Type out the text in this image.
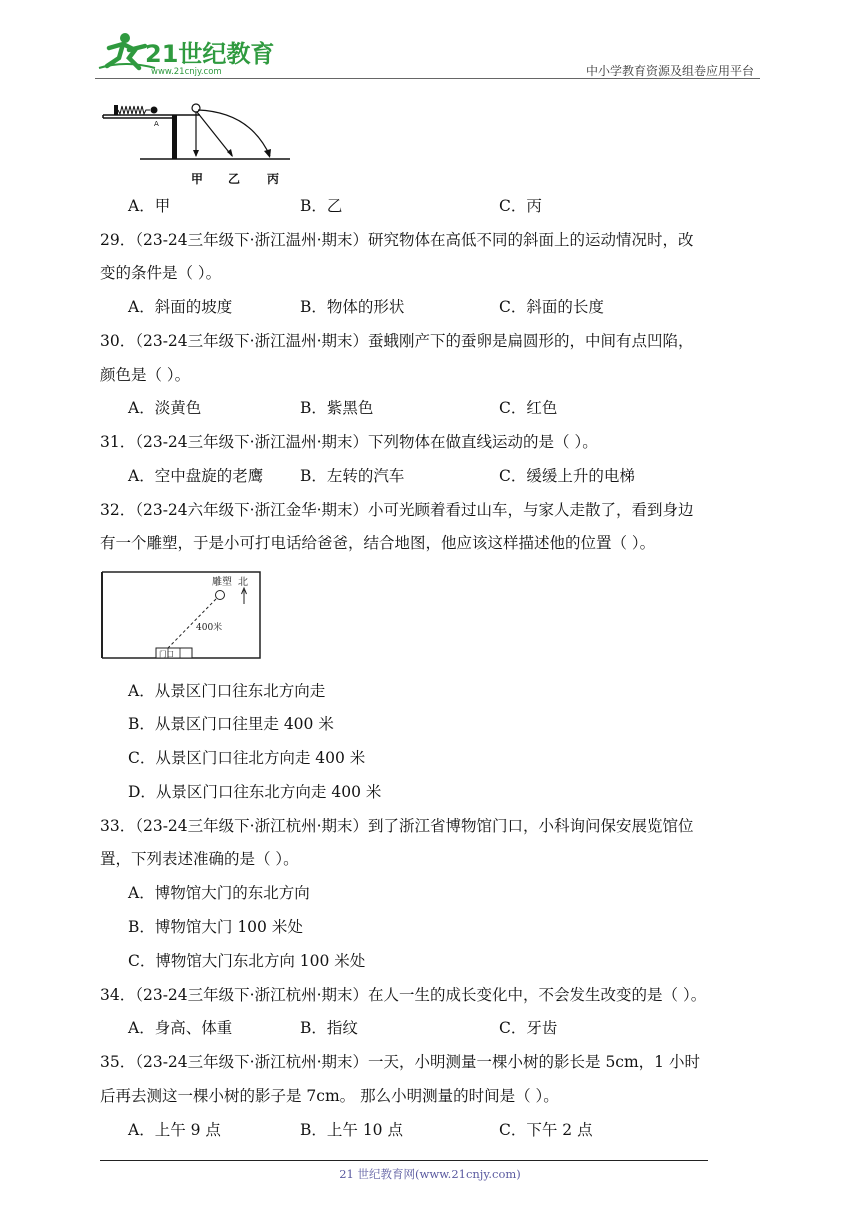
21世纪教育
www.21cnjy.com	中小学教育资源及组卷应用平台
A
甲 乙 丙
A．甲	B．乙	C．丙
29．（23-24三年级下·浙江温州·期末）研究物体在高低不同的斜面上的运动情况时，改
变的条件是（ ）。
A．斜面的坡度	B．物体的形状	C．斜面的长度
30．（23-24三年级下·浙江温州·期末）蚕蛾刚产下的蚕卵是扁圆形的，中间有点凹陷，
颜色是（ ）。
A．淡黄色	B．紫黑色	C．红色
31．（23-24三年级下·浙江温州·期末）下列物体在做直线运动的是（ ）。
A．空中盘旋的老鹰 B．左转的汽车	C．缓缓上升的电梯
32．（23-24六年级下·浙江金华·期末）小可光顾着看过山车，与家人走散了，看到身边
有一个雕塑，于是小可打电话给爸爸，结合地图，他应该这样描述他的位置（ ）。
雕塑 北
400米
门口
A．从景区门口往东北方向走
B．从景区门口往里走 400 米
C．从景区门口往北方向走 400 米
D．从景区门口往东北方向走 400 米
33．（23-24三年级下·浙江杭州·期末）到了浙江省博物馆门口，小科询问保安展览馆位
置，下列表述准确的是（ ）。
A．博物馆大门的东北方向
B．博物馆大门 100 米处
C．博物馆大门东北方向 100 米处
34．（23-24三年级下·浙江杭州·期末）在人一生的成长变化中，不会发生改变的是（ ）。
A．身高、体重	B．指纹	C．牙齿
35．（23-24三年级下·浙江杭州·期末）一天，小明测量一棵小树的影长是 5cm，1 小时
后再去测这一棵小树的影子是 7cm。 那么小明测量的时间是（ ）。
A．上午 9 点	B．上午 10 点	C．下午 2 点
21 世纪教育网(www.21cnjy.com)
